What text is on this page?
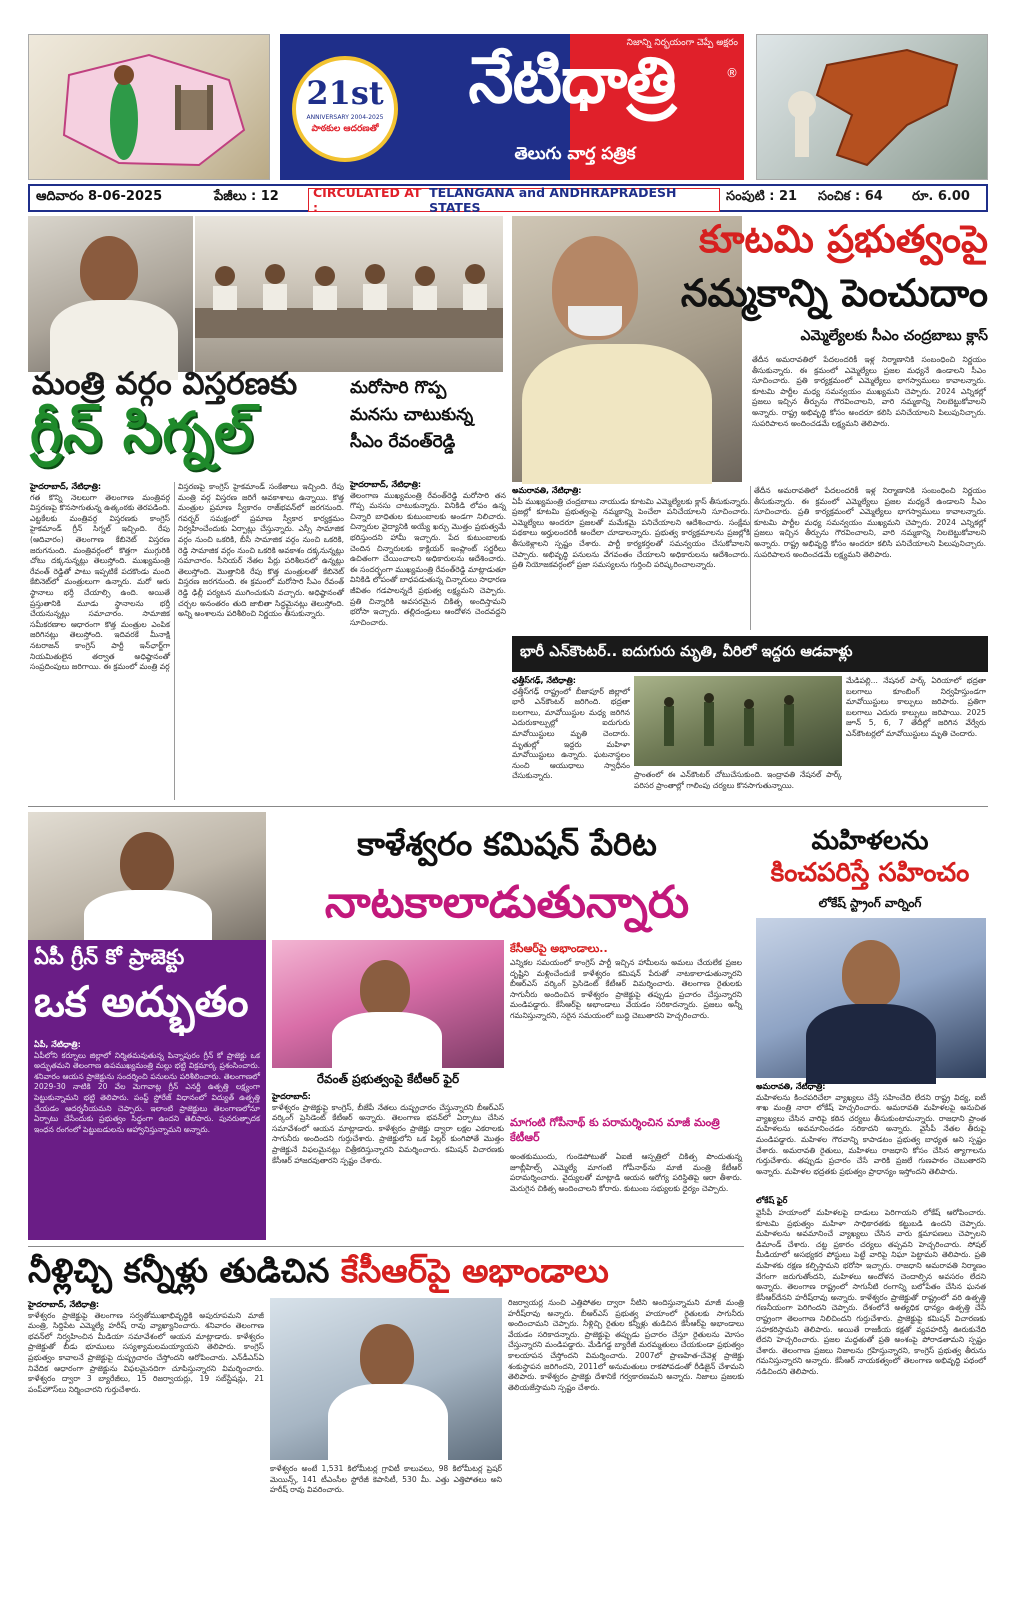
21st
ANNIVERSARY 2004-2025
పాఠకుల ఆదరణతో
నిజాన్ని నిర్భయంగా చెప్పే అక్షరం
నేటిధాత్రి	®
తెలుగు వార్త పత్రిక
ఆదివారం 8-06-2025	పేజీలు : 12	CIRCULATED AT :
TELANGANA and ANDHRAPRADESH STATES
సంపుటి : 21	సంచిక : 64	రూ. 6.00
మంత్రి వర్గం విస్తరణకు
గ్రీన్ సిగ్నల్
హైదరాబాద్, నేటిధాత్రి:
గత కొన్ని నెలలుగా తెలంగాణ మంత్రివర్గ విస్తరణపై కొనసాగుతున్న ఉత్కంఠకు తెరపడింది. ఎట్టకేలకు మంత్రివర్గ విస్తరణకు కాంగ్రెస్ హైకమాండ్ గ్రీన్ సిగ్నల్ ఇచ్చింది. రేపు (ఆదివారం) తెలంగాణ కేబినెట్ విస్తరణ జరుగనుంది. మంత్రివర్గంలో కొత్తగా ముగ్గురికి చోటు దక్కనున్నట్లు తెలుస్తోంది. ముఖ్యమంత్రి రేవంత్ రెడ్డితో పాటు ఇప్పటికే పదకొండు మంది కేబినెట్‌లో మంత్రులుగా ఉన్నారు. మరో ఆరు స్థానాలు భర్తీ చేయాల్సి ఉంది. అయితే ప్రస్తుతానికి మూడు స్థానాలను భర్తీ చేయనున్నట్లు సమాచారం. సామాజిక సమీకరణాల ఆధారంగా కొత్త మంత్రుల ఎంపిక జరిగినట్లు తెలుస్తోంది. ఇదివరకే మీనాక్షి నటరాజన్ కాంగ్రెస్ పార్టీ ఇన్‌ఛార్జ్‌గా నియమితులైన తర్వాత అధిష్ఠానంతో సంప్రదింపులు జరిగాయి. ఈ క్రమంలో మంత్రి వర్గ
విస్తరణపై కాంగ్రెస్ హైకమాండ్ సంకేతాలు ఇచ్చింది. రేపు మంత్రి వర్గ విస్తరణ జరిగే అవకాశాలు ఉన్నాయి. కొత్త మంత్రుల ప్రమాణ స్వీకారం రాజ్‌భవన్‌లో జరగనుంది. గవర్నర్ సమక్షంలో ప్రమాణ స్వీకార కార్యక్రమం నిర్వహించేందుకు ఏర్పాట్లు చేస్తున్నారు. ఎస్సీ సామాజిక వర్గం నుంచి ఒకరికి, బీసీ సామాజిక వర్గం నుంచి ఒకరికి, రెడ్డి సామాజిక వర్గం నుంచి ఒకరికి అవకాశం దక్కనున్నట్లు సమాచారం. సీనియర్ నేతల పేర్లు పరిశీలనలో ఉన్నట్లు తెలుస్తోంది. మొత్తానికి రేపు కొత్త మంత్రులతో కేబినెట్ విస్తరణ జరగనుంది. ఈ క్రమంలో మరోసారి సీఎం రేవంత్ రెడ్డి ఢిల్లీ పర్యటన ముగించుకుని వచ్చారు. అధిష్ఠానంతో చర్చల అనంతరం తుది జాబితా సిద్ధమైనట్లు తెలుస్తోంది. అన్ని అంశాలను పరిశీలించి నిర్ణయం తీసుకున్నారు.
మరోసారి గొప్ప
మనసు చాటుకున్న
సీఎం రేవంత్‌రెడ్డి
హైదరాబాద్, నేటిధాత్రి:
తెలంగాణ ముఖ్యమంత్రి రేవంత్‌రెడ్డి మరోసారి తన గొప్ప మనసు చాటుకున్నారు. వినికిడి లోపం ఉన్న చిన్నారి బాధితుల కుటుంబాలకు అండగా నిలిచారు. చిన్నారుల వైద్యానికి అయ్యే ఖర్చు మొత్తం ప్రభుత్వమే భరిస్తుందని హామీ ఇచ్చారు. పేద కుటుంబాలకు చెందిన చిన్నారులకు కాక్లియర్ ఇంప్లాంట్ సర్జరీలు ఉచితంగా చేయించాలని అధికారులను ఆదేశించారు. ఈ సందర్భంగా ముఖ్యమంత్రి రేవంత్‌రెడ్డి మాట్లాడుతూ వినికిడి లోపంతో బాధపడుతున్న చిన్నారులు సాధారణ జీవితం గడపాలన్నదే ప్రభుత్వ లక్ష్యమని చెప్పారు. ప్రతి చిన్నారికి అవసరమైన చికిత్స అందిస్తామని భరోసా ఇచ్చారు. తల్లిదండ్రులు ఆందోళన చెందవద్దని సూచించారు.
కూటమి ప్రభుత్వంపై
నమ్మకాన్ని పెంచుదాం
ఎమ్మెల్యేలకు సీఎం చంద్రబాబు క్లాస్
తేదీన అమరావతిలో పేదలందరికీ ఇళ్ల నిర్మాణానికి సంబంధించి నిర్ణయం తీసుకున్నారు. ఈ క్రమంలో ఎమ్మెల్యేలు ప్రజల మధ్యనే ఉండాలని సీఎం సూచించారు. ప్రతి కార్యక్రమంలో ఎమ్మెల్యేలు భాగస్వాములు కావాలన్నారు. కూటమి పార్టీల మధ్య సమన్వయం ముఖ్యమని చెప్పారు. 2024 ఎన్నికల్లో ప్రజలు ఇచ్చిన తీర్పును గౌరవించాలని, వారి నమ్మకాన్ని నిలబెట్టుకోవాలని అన్నారు. రాష్ట్ర అభివృద్ధి కోసం అందరూ కలిసి పనిచేయాలని పిలుపునిచ్చారు. సుపరిపాలన అందించడమే లక్ష్యమని తెలిపారు.
అమరావతి, నేటిధాత్రి:
ఏపీ ముఖ్యమంత్రి చంద్రబాబు నాయుడు కూటమి ఎమ్మెల్యేలకు క్లాస్ తీసుకున్నారు. ప్రజల్లో కూటమి ప్రభుత్వంపై నమ్మకాన్ని పెంచేలా పనిచేయాలని సూచించారు. ఎమ్మెల్యేలు అందరూ ప్రజలతో మమేకమై పనిచేయాలని ఆదేశించారు. సంక్షేమ పథకాలు అర్హులందరికీ అందేలా చూడాలన్నారు. ప్రభుత్వ కార్యక్రమాలను ప్రజల్లోకి తీసుకెళ్లాలని స్పష్టం చేశారు. పార్టీ కార్యకర్తలతో సమన్వయం చేసుకోవాలని చెప్పారు. అభివృద్ధి పనులను వేగవంతం చేయాలని అధికారులను ఆదేశించారు. ప్రతి నియోజకవర్గంలో ప్రజా సమస్యలను గుర్తించి పరిష్కరించాలన్నారు.
తేదీన అమరావతిలో పేదలందరికీ ఇళ్ల నిర్మాణానికి సంబంధించి నిర్ణయం తీసుకున్నారు. ఈ క్రమంలో ఎమ్మెల్యేలు ప్రజల మధ్యనే ఉండాలని సీఎం సూచించారు. ప్రతి కార్యక్రమంలో ఎమ్మెల్యేలు భాగస్వాములు కావాలన్నారు. కూటమి పార్టీల మధ్య సమన్వయం ముఖ్యమని చెప్పారు. 2024 ఎన్నికల్లో ప్రజలు ఇచ్చిన తీర్పును గౌరవించాలని, వారి నమ్మకాన్ని నిలబెట్టుకోవాలని అన్నారు. రాష్ట్ర అభివృద్ధి కోసం అందరూ కలిసి పనిచేయాలని పిలుపునిచ్చారు. సుపరిపాలన అందించడమే లక్ష్యమని తెలిపారు.
భారీ ఎన్‌కౌంటర్.. ఐదుగురు మృతి, వీరిలో ఇద్దరు ఆడవాళ్లు
ఛత్తీస్‌గఢ్, నేటిధాత్రి:
ఛత్తీస్‌గఢ్ రాష్ట్రంలో బీజాపూర్ జిల్లాలో భారీ ఎన్‌కౌంటర్ జరిగింది. భద్రతా బలగాలు, మావోయిస్టుల మధ్య జరిగిన ఎదురుకాల్పుల్లో ఐదుగురు మావోయిస్టులు మృతి చెందారు. మృతుల్లో ఇద్దరు మహిళా మావోయిస్టులు ఉన్నారు. ఘటనాస్థలం నుంచి ఆయుధాలు స్వాధీనం చేసుకున్నారు.
మేడిపల్లి... నేషనల్ పార్క్ ఏరియాలో భద్రతా బలగాలు కూంబింగ్ నిర్వహిస్తుండగా మావోయిస్టులు కాల్పులు జరిపారు. ప్రతిగా బలగాలు ఎదురు కాల్పులు జరిపాయి. 2025 జూన్ 5, 6, 7 తేదీల్లో జరిగిన వేర్వేరు ఎన్‌కౌంటర్లలో మావోయిస్టులు మృతి చెందారు.
ప్రాంతంలో ఈ ఎన్‌కౌంటర్ చోటుచేసుకుంది. ఇంద్రావతి నేషనల్ పార్క్ పరిసర ప్రాంతాల్లో గాలింపు చర్యలు కొనసాగుతున్నాయి.
ఏపీ గ్రీన్ కో ప్రాజెక్టు
ఒక అద్భుతం
ఏపీ, నేటిధాత్రి:
ఏపీలోని కర్నూలు జిల్లాలో నిర్మితమవుతున్న పిన్నాపురం గ్రీన్ కో ప్రాజెక్టు ఒక అద్భుతమని తెలంగాణ ఉపముఖ్యమంత్రి మల్లు భట్టి విక్రమార్క ప్రశంసించారు. శనివారం ఆయన ప్రాజెక్టును సందర్శించి పనులను పరిశీలించారు. తెలంగాణలో 2029-30 నాటికి 20 వేల మెగావాట్ల గ్రీన్ ఎనర్జీ ఉత్పత్తి లక్ష్యంగా పెట్టుకున్నామని భట్టి తెలిపారు. పంప్డ్ స్టోరేజ్ విధానంలో విద్యుత్ ఉత్పత్తి చేయడం ఆదర్శనీయమని చెప్పారు. ఇలాంటి ప్రాజెక్టులు తెలంగాణలోనూ ఏర్పాటు చేసేందుకు ప్రభుత్వం సిద్ధంగా ఉందని తెలిపారు. పునరుత్పాదక ఇంధన రంగంలో పెట్టుబడులను ఆహ్వానిస్తున్నామని అన్నారు.
కాళేశ్వరం కమిషన్ పేరిట
నాటకాలాడుతున్నారు
రేవంత్ ప్రభుత్వంపై కేటీఆర్ ఫైర్
హైదరాబాద్:
కాళేశ్వరం ప్రాజెక్టుపై కాంగ్రెస్, బీజేపీ నేతలు దుష్ప్రచారం చేస్తున్నారని బీఆర్ఎస్ వర్కింగ్ ప్రెసిడెంట్ కేటీఆర్ అన్నారు. తెలంగాణ భవన్‌లో ఏర్పాటు చేసిన సమావేశంలో ఆయన మాట్లాడారు. కాళేశ్వరం ప్రాజెక్టు ద్వారా లక్షల ఎకరాలకు సాగునీరు అందిందని గుర్తుచేశారు. ప్రాజెక్టులోని ఒక పిల్లర్ కుంగిపోతే మొత్తం ప్రాజెక్టునే విఫలమైనట్లు చిత్రీకరిస్తున్నారని విమర్శించారు. కమిషన్ విచారణకు కేసీఆర్ హాజరవుతారని స్పష్టం చేశారు.
కేసీఆర్‌పై అభాండాలు..
ఎన్నికల సమయంలో కాంగ్రెస్ పార్టీ ఇచ్చిన హామీలను అమలు చేయలేక ప్రజల దృష్టిని మళ్లించేందుకే కాళేశ్వరం కమిషన్ పేరుతో నాటకాలాడుతున్నారని బీఆర్ఎస్ వర్కింగ్ ప్రెసిడెంట్ కేటీఆర్ విమర్శించారు. తెలంగాణ రైతులకు సాగునీరు అందించిన కాళేశ్వరం ప్రాజెక్టుపై తప్పుడు ప్రచారం చేస్తున్నారని మండిపడ్డారు. కేసీఆర్‌పై అభాండాలు వేయడం సరికాదన్నారు. ప్రజలు అన్నీ గమనిస్తున్నారని, సరైన సమయంలో బుద్ధి చెబుతారని హెచ్చరించారు.
మాగంటి గోపీనాథ్ కు పరామర్శించిన మాజీ మంత్రి కేటీఆర్
అంతకుముందు, గుండెపోటుతో ఏఐజీ ఆస్పత్రిలో చికిత్స పొందుతున్న జూబ్లీహిల్స్ ఎమ్మెల్యే మాగంటి గోపీనాథ్‌ను మాజీ మంత్రి కేటీఆర్ పరామర్శించారు. వైద్యులతో మాట్లాడి ఆయన ఆరోగ్య పరిస్థితిపై ఆరా తీశారు. మెరుగైన చికిత్స అందించాలని కోరారు. కుటుంబ సభ్యులకు ధైర్యం చెప్పారు.
మహిళలను
కించపరిస్తే సహించం
లోకేష్ స్ట్రాంగ్ వార్నింగ్
అమరావతి, నేటిధాత్రి:
మహిళలను కించపరిచేలా వ్యాఖ్యలు చేస్తే సహించేది లేదని రాష్ట్ర విద్య, ఐటీ శాఖ మంత్రి నారా లోకేష్ హెచ్చరించారు. అమరావతి మహిళలపై అనుచిత వ్యాఖ్యలు చేసిన వారిపై కఠిన చర్యలు తీసుకుంటామన్నారు. రాజధాని ప్రాంత మహిళలను అవమానించడం సరికాదని అన్నారు. వైసీపీ నేతల తీరుపై మండిపడ్డారు. మహిళల గౌరవాన్ని కాపాడటం ప్రభుత్వ బాధ్యత అని స్పష్టం చేశారు. అమరావతి రైతులు, మహిళలు రాజధాని కోసం చేసిన త్యాగాలను గుర్తుచేశారు. తప్పుడు ప్రచారం చేసే వారికి ప్రజలే గుణపాఠం చెబుతారని అన్నారు. మహిళల భద్రతకు ప్రభుత్వం ప్రాధాన్యం ఇస్తోందని తెలిపారు.
లోకేష్ ఫైర్
వైసీపీ హయాంలో మహిళలపై దాడులు పెరిగాయని లోకేష్ ఆరోపించారు. కూటమి ప్రభుత్వం మహిళా సాధికారతకు కట్టుబడి ఉందని చెప్పారు. మహిళలను అవమానించే వ్యాఖ్యలు చేసిన వారు క్షమాపణలు చెప్పాలని డిమాండ్ చేశారు. చట్ట ప్రకారం చర్యలు తప్పవని హెచ్చరించారు. సోషల్ మీడియాలో అసభ్యకర పోస్టులు పెట్టే వారిపై నిఘా పెట్టామని తెలిపారు. ప్రతి మహిళకు రక్షణ కల్పిస్తామని భరోసా ఇచ్చారు. రాజధాని అమరావతి నిర్మాణం వేగంగా జరుగుతోందని, మహిళలు ఆందోళన చెందాల్సిన అవసరం లేదని అన్నారు. తెలంగాణ రాష్ట్రంలో సాగునీటి రంగాన్ని బలోపేతం చేసిన ఘనత కేసీఆర్‌దేనని హరీష్‌రావు అన్నారు. కాళేశ్వరం ప్రాజెక్టుతో రాష్ట్రంలో వరి ఉత్పత్తి గణనీయంగా పెరిగిందని చెప్పారు. దేశంలోనే అత్యధిక ధాన్యం ఉత్పత్తి చేసే రాష్ట్రంగా తెలంగాణ నిలిచిందని గుర్తుచేశారు. ప్రాజెక్టుపై కమిషన్ విచారణకు సహకరిస్తామని తెలిపారు. అయితే రాజకీయ కక్షతో వ్యవహరిస్తే ఊరుకునేది లేదని హెచ్చరించారు. ప్రజల మద్దతుతో ప్రతి అంశంపై పోరాడతామని స్పష్టం చేశారు. తెలంగాణ ప్రజలు నిజాలను గ్రహిస్తున్నారని, కాంగ్రెస్ ప్రభుత్వ తీరును గమనిస్తున్నారని అన్నారు. కేసీఆర్ నాయకత్వంలో తెలంగాణ అభివృద్ధి పథంలో నడిచిందని తెలిపారు.
నీళ్లిచ్చి కన్నీళ్లు తుడిచిన కేసీఆర్‌పై అభాండాలు
హైదరాబాద్, నేటిధాత్రి:
కాళేశ్వరం ప్రాజెక్టుపై తెలంగాణ సర్వతోముఖాభివృద్ధికి అపురూపమని మాజీ మంత్రి, సిద్దిపేట ఎమ్మెల్యే హరీష్ రావు వ్యాఖ్యానించారు. శనివారం తెలంగాణ భవన్‌లో నిర్వహించిన మీడియా సమావేశంలో ఆయన మాట్లాడారు. కాళేశ్వరం ప్రాజెక్టుతో బీడు భూములు సస్యశ్యామలమయ్యాయని తెలిపారు. కాంగ్రెస్ ప్రభుత్వం కావాలనే ప్రాజెక్టుపై దుష్ప్రచారం చేస్తోందని ఆరోపించారు. ఎన్‌డీఎస్‌ఏ నివేదిక ఆధారంగా ప్రాజెక్టును విఫలమైనదిగా చూపిస్తున్నారని విమర్శించారు. కాళేశ్వరం ద్వారా 3 బ్యారేజీలు, 15 రిజర్వాయర్లు, 19 సబ్‌స్టేషన్లు, 21 పంప్‌హౌస్‌లు నిర్మించారని గుర్తుచేశారు.
కాళేశ్వరం అంటే 1,531 కిలోమీటర్ల గ్రావిటీ కాలువలు, 98 కిలోమీటర్ల ప్రెషర్ మెయిన్స్, 141 టీఎంసీల స్టోరేజీ కెపాసిటీ, 530 మీ. ఎత్తు ఎత్తిపోతలు అని హరీష్ రావు వివరించారు.
రిజర్వాయర్ల నుంచి ఎత్తిపోతల ద్వారా నీటిని అందిస్తున్నామని మాజీ మంత్రి హరీష్‌రావు అన్నారు. బీఆర్ఎస్ ప్రభుత్వ హయాంలో రైతులకు సాగునీరు అందించామని చెప్పారు. నీళ్లిచ్చి రైతుల కన్నీళ్లు తుడిచిన కేసీఆర్‌పై అభాండాలు వేయడం సరికాదన్నారు. ప్రాజెక్టుపై తప్పుడు ప్రచారం చేస్తూ రైతులను మోసం చేస్తున్నారని మండిపడ్డారు. మేడిగడ్డ బ్యారేజీ మరమ్మతులు చేయకుండా ప్రభుత్వం కాలయాపన చేస్తోందని విమర్శించారు. 2007లో ప్రాణహిత-చేవెళ్ల ప్రాజెక్టు శంకుస్థాపన జరిగిందని, 2011లో అనుమతులు రాకపోవడంతో రీడిజైన్ చేశామని తెలిపారు. కాళేశ్వరం ప్రాజెక్టు దేశానికే గర్వకారణమని అన్నారు. నిజాలు ప్రజలకు తెలియజేస్తామని స్పష్టం చేశారు.
